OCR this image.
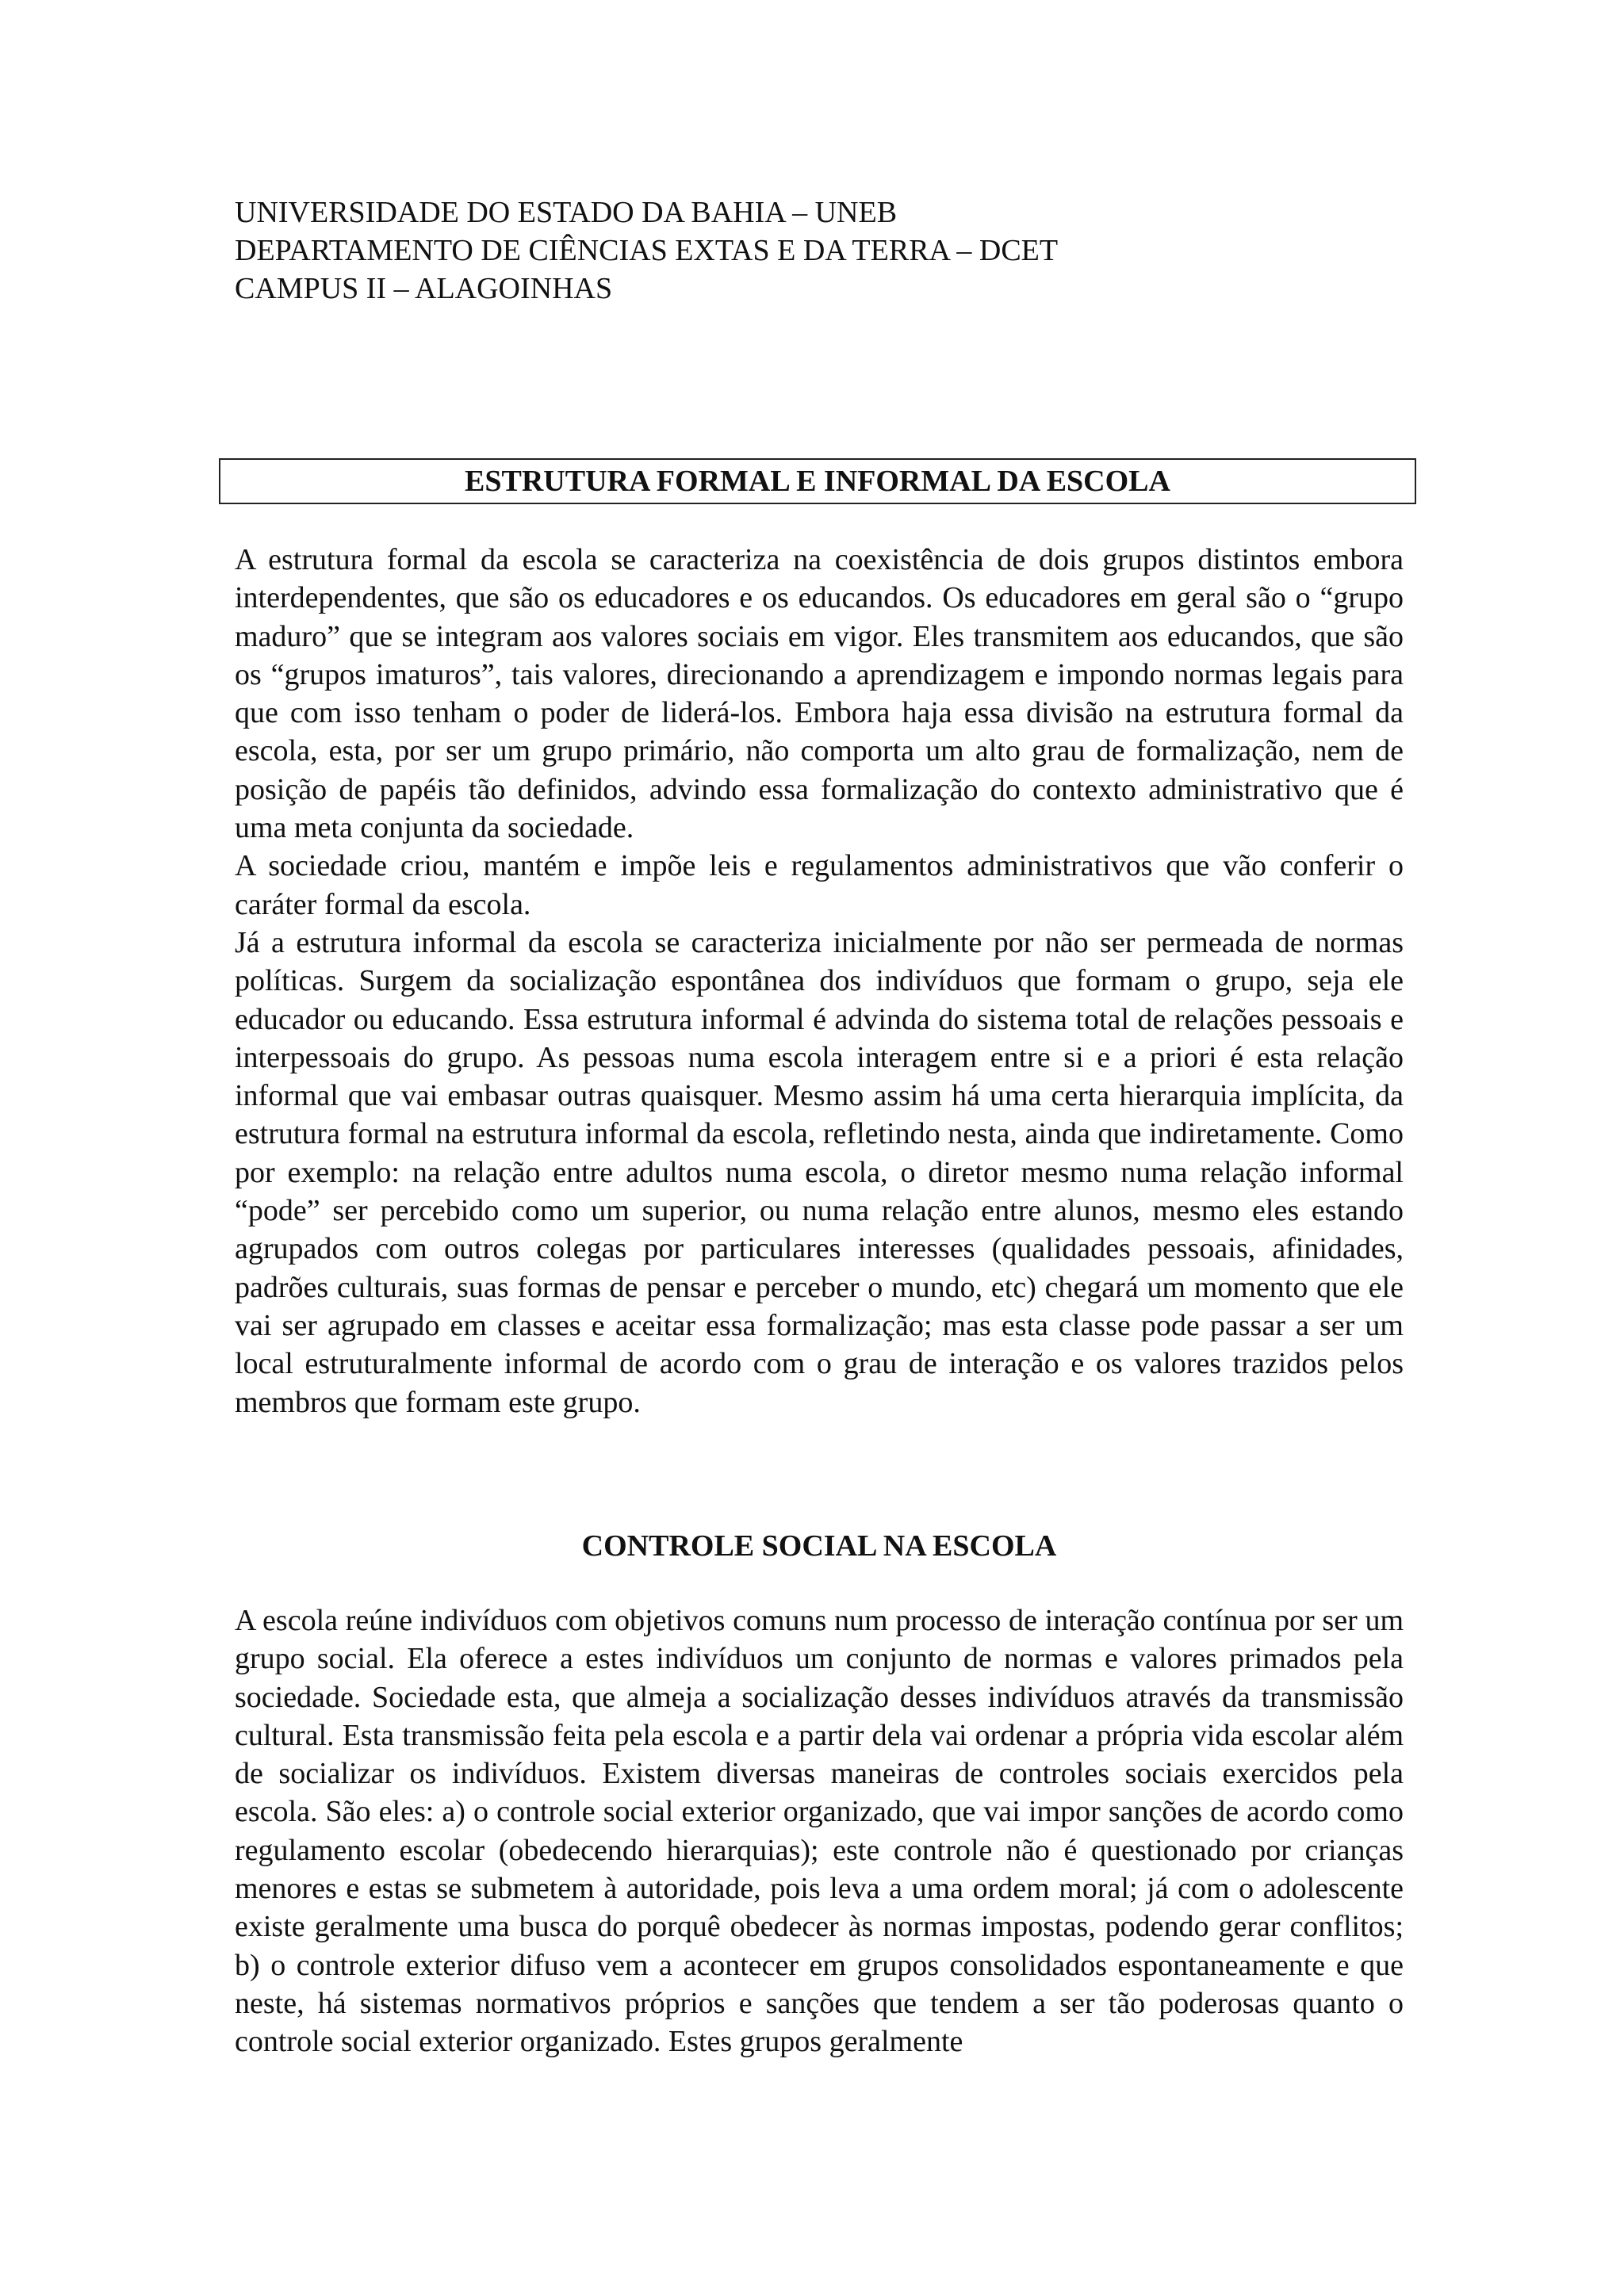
UNIVERSIDADE DO ESTADO DA BAHIA – UNEB
DEPARTAMENTO DE CIÊNCIAS EXTAS E DA TERRA – DCET
CAMPUS II – ALAGOINHAS
ESTRUTURA FORMAL E INFORMAL DA ESCOLA

A estrutura formal da escola se caracteriza na coexistência de dois grupos distintos embora interdependentes, que são os educadores e os educandos. Os educadores em geral são o “grupo maduro” que se integram aos valores sociais em vigor. Eles transmitem aos educandos, que são os “grupos imaturos”, tais valores, direcionando a aprendizagem e impondo normas legais para que com isso tenham o poder de liderá-los. Embora haja essa divisão na estrutura formal da escola, esta, por ser um grupo primário, não comporta um alto grau de formalização, nem de posição de papéis tão definidos, advindo essa formalização do contexto administrativo que é uma meta conjunta da sociedade.

A sociedade criou, mantém e impõe leis e regulamentos administrativos que vão conferir o caráter formal da escola.

Já a estrutura informal da escola se caracteriza inicialmente por não ser permeada de normas políticas. Surgem da socialização espontânea dos indivíduos que formam o grupo, seja ele educador ou educando. Essa estrutura informal é advinda do sistema total de relações pessoais e interpessoais do grupo. As pessoas numa escola interagem entre si e a priori é esta relação informal que vai embasar outras quaisquer. Mesmo assim há uma certa hierarquia implícita, da estrutura formal na estrutura informal da escola, refletindo nesta, ainda que indiretamente. Como por exemplo: na relação entre adultos numa escola, o diretor mesmo numa relação informal “pode” ser percebido como um superior, ou numa relação entre alunos, mesmo eles estando agrupados com outros colegas por particulares interesses (qualidades pessoais, afinidades, padrões culturais, suas formas de pensar e perceber o mundo, etc) chegará um momento que ele vai ser agrupado em classes e aceitar essa formalização; mas esta classe pode passar a ser um local estruturalmente informal de acordo com o grau de interação e os valores trazidos pelos membros que formam este grupo.

CONTROLE SOCIAL NA ESCOLA

A escola reúne indivíduos com objetivos comuns num processo de interação contínua por ser um grupo social. Ela oferece a estes indivíduos um conjunto de normas e valores primados pela sociedade. Sociedade esta, que almeja a socialização desses indivíduos através da transmissão cultural. Esta transmissão feita pela escola e a partir dela vai ordenar a própria vida escolar além de socializar os indivíduos. Existem diversas maneiras de controles sociais exercidos pela escola. São eles: a) o controle social exterior organizado, que vai impor sanções de acordo como regulamento escolar (obedecendo hierarquias); este controle não é questionado por crianças menores e estas se submetem à autoridade, pois leva a uma ordem moral; já com o adolescente existe geralmente uma busca do porquê obedecer às normas impostas, podendo gerar conflitos; b) o controle exterior difuso vem a acontecer em grupos consolidados espontaneamente e que neste, há sistemas normativos próprios e sanções que tendem a ser tão poderosas quanto o controle social exterior organizado. Estes grupos geralmente
